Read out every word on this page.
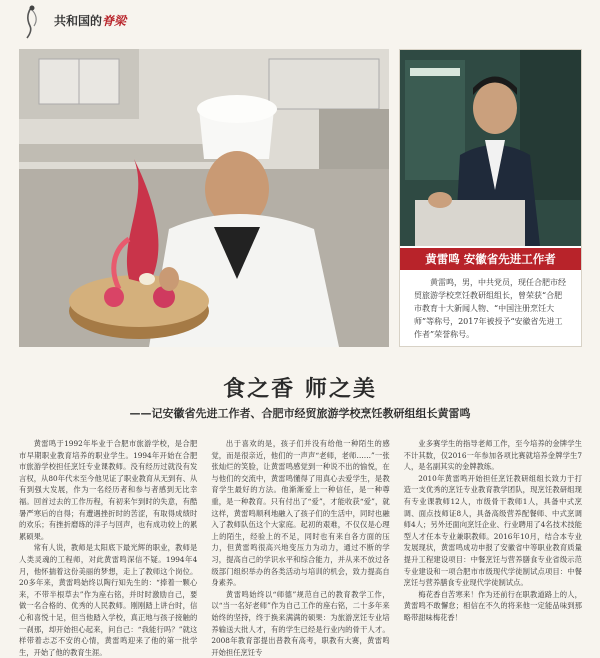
共和国的脊梁
黄雷鸣 安徽省先进工作者
黄雷鸣，男，中共党员，现任合肥市经贸旅游学校烹饪教研组组长，曾荣获“合肥市教育十大新闻人物、“中国注册烹饪大师”等称号，2017年被授予“安徽省先进工作者”荣誉称号。
食之香 师之美
——记安徽省先进工作者、合肥市经贸旅游学校烹饪教研组组长黄雷鸣

黄雷鸣于1992年毕业于合肥市旅游学校，是合肥市早期职业教育培养的职业学生。1994年开始在合肥市旅游学校担任烹饪专业课教师。没有经历过就没有发言权，从80年代末至今他见证了职业教育从无到有、从有到强大发展，作为一名经历者和参与者感到无比幸福。回首过去的工作历程，有初来乍到时的失意，有酷暑严寒后的自得；有遭遇挫折时的苦涩，有取得成绩时的欢乐；有挫折磨练的洋子与回声，也有成功较上的累累硕果。

常有人说，教师是太阳底下最光辉的职业，教师是人类灵魂的工程师，对此黄雷鸣深信不疑。1994年4月，他怀揣着这份美丽的梦想，走上了教师这个岗位。20多年来，黄雷鸣始终以陶行知先生的：“捧着一颗心来，不带半根草去”作为座右铭，并时时激励自己，要做一名合格的、优秀的人民教师。刚刚踏上讲台时，信心和喜悦十足，但当他踏入学校，真正地与孩子接触的一刹那，却开始担心起来，问自己：“我能行吗？”就这样带着忐忑不安的心情，黄雷鸣迎来了他的第一批学生，开始了他的教育生涯。

出于喜欢的是，孩子们并没有给他一种陌生的感觉，而是很亲近，他们的一声声“老师，老师……”一张张灿烂的笑脸，让黄雷鸣感觉到一种说不出的愉悦，在与他们的交流中，黄雷鸣懂得了用真心去爱学生，是教育学生最好的方法。他渐渐爱上一种信任，是一种尊重，是一种教育。只有付出了“爱”，才能收获“爱”，就这样，黄雷鸣顺利地融入了孩子们的生活中，同时也融入了教师队伍这个大家庭。起初的艰难，不仅仅是心理上的陌生，经验上的不足，同时也有来自各方面的压力，但黄雷鸣很高兴地变压力为动力，通过不断的学习，提高自己的学识水平和综合能力，并从来不放过各级部门组织举办的各类活动与培训的机会，致力提高自身素养。

黄雷鸣始终以“师德”规范自己的教育教学工作，以“当一名好老师”作为自己工作的座右铭，二十多年来始终的坚持，终于换来满满的硕果：为旅游烹饪专业培养输送大批人才，有的学生已经是行业内的骨干人才。2008年教育部提出普教有高考，职教有大赛，黄雷鸣开始担任烹饪专

业多赛学生的指导老师工作，至今培养的金牌学生不计其数，仅2016一年参加各项比赛就培养金牌学生7人，是名副其实的金牌教练。

2010年黄雷鸣开始担任烹饪教研组组长致力于打造一支优秀的烹饪专业教育教学团队，现烹饪教研组现有专业课教师12人，市级骨干教师1人，具备中式烹调、面点技师证8人，具备高级营养配餐师、中式烹调师4人；另外还面向烹饪企业、行业聘用了4名技术技能型人才任本专业兼职教师。2016年10月，结合本专业发展现状，黄雷鸣成功申报了安徽省中等职业教育质量提升工程建设项目：中餐烹饪与营养膳食专业省级示范专业建设和一项合肥市市级现代学徒制试点项目：中餐烹饪与营养膳食专业现代学徒制试点。

梅花香自苦寒来！作为还前行在职教道路上的人，黄雷鸣不敢懈怠；相信在不久的将来他一定能品味到那略带甜味梅花香！
